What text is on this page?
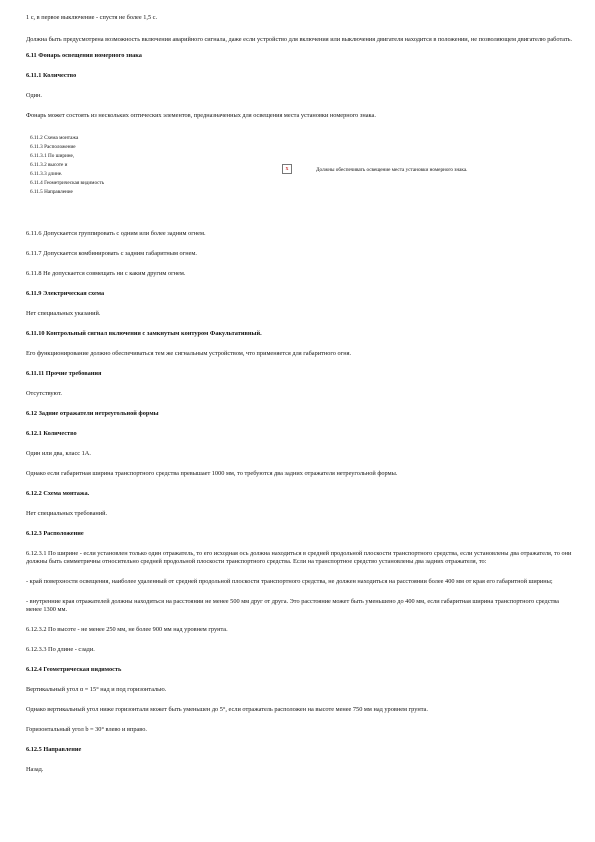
1 с, в первое выключение - спустя не более 1,5 с.

Должна быть предусмотрена возможность включения аварийного сигнала, даже если устройство для включения или выключения двигателя находится в положении, не позволяющем двигателю работать.

6.11 Фонарь освещения номерного знака

6.11.1 Количество

Один.

Фонарь может состоять из нескольких оптических элементов, предназначенных для освещения места установки номерного знака.

6.11.2 Схема монтажа
6.11.3 Расположение
6.11.3.1 По ширине,
6.11.3.2 высоте и
6.11.3.3 длине.
6.11.4 Геометрическая видимость
6.11.5 Направление
x	Должны обеспечивать освещение места установки номерного знака.

6.11.6 Допускается группировать с одним или более задним огнем.

6.11.7 Допускается комбинировать с задним габаритным огнем.

6.11.8 Не допускается совмещать ни с каким другим огнем.

6.11.9 Электрическая схема

Нет специальных указаний.

6.11.10 Контрольный сигнал включения с замкнутым контуром Факультативный.

Его функционирование должно обеспечиваться тем же сигнальным устройством, что применяется для габаритного огня.

6.11.11 Прочие требования

Отсутствуют.

6.12 Задние отражатели нетреугольной формы

6.12.1 Количество

Один или два, класс 1А.

Однако если габаритная ширина транспортного средства превышает 1000 мм, то требуются два задних отражателя нетреугольной формы.

6.12.2 Схема монтажа.

Нет специальных требований.

6.12.3 Расположение

6.12.3.1 По ширине - если установлен только один отражатель, то его исходная ось должна находиться в средней продольной плоскости транспортного средства, если установлены два отражателя, то они должны быть симметричны относительно средней продольной плоскости транспортного средства. Если на транспортное средство установлены два задних отражателя, то:

- край поверхности освещения, наиболее удаленный от средней продольной плоскости транспортного средства, не должен находиться на расстоянии более 400 мм от края его габаритной ширины;

- внутренние края отражателей должны находиться на расстоянии не менее 500 мм друг от друга. Это расстояние может быть уменьшено до 400 мм, если габаритная ширина транспортного средства менее 1300 мм.

6.12.3.2 По высоте - не менее 250 мм, не более 900 мм над уровнем грунта.

6.12.3.3 По длине - сзади.

6.12.4 Геометрическая видимость

Вертикальный угол α = 15° над и под горизонталью.

Однако вертикальный угол ниже горизонтали может быть уменьшен до 5°, если отражатель расположен на высоте менее 750 мм над уровнем грунта.

Горизонтальный угол b = 30° влево и вправо.

6.12.5 Направление

Назад.
